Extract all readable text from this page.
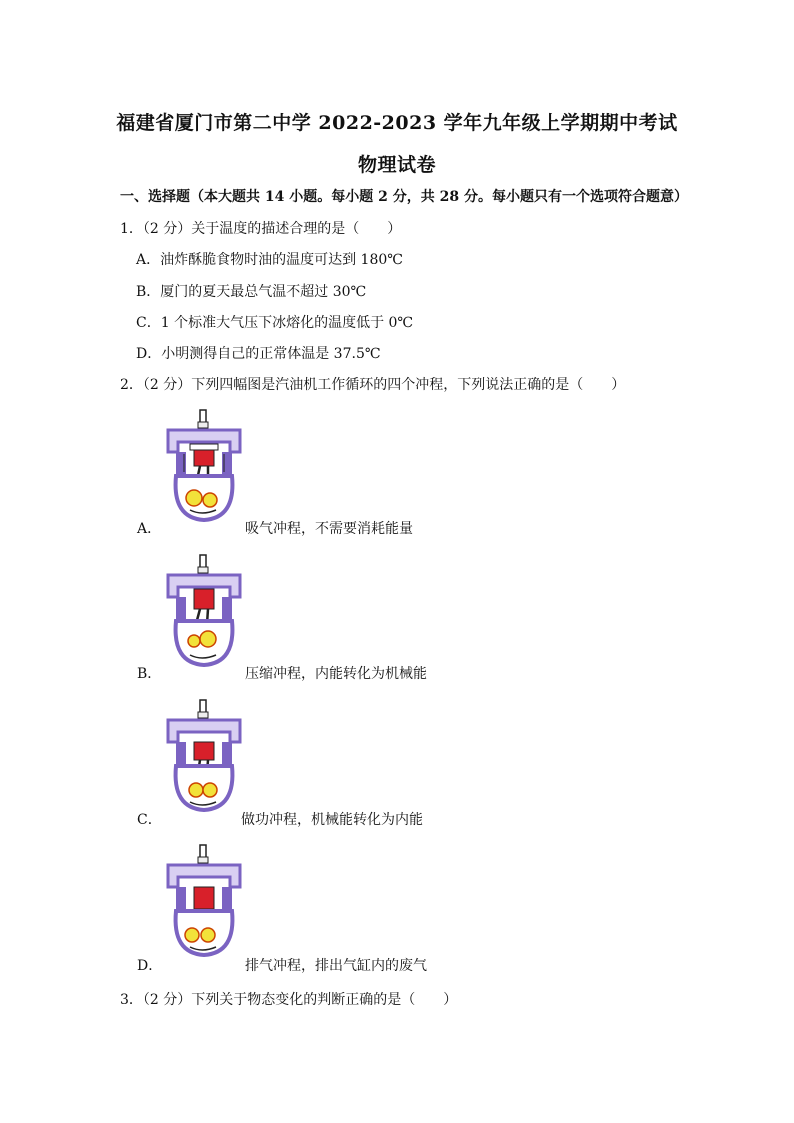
福建省厦门市第二中学 2022-2023 学年九年级上学期期中考试
物理试卷
一、选择题（本大题共 14 小题。每小题 2 分，共 28 分。每小题只有一个选项符合题意）
1．（2 分）关于温度的描述合理的是（　　）
A．油炸酥脆食物时油的温度可达到 180℃
B．厦门的夏天最总气温不超过 30℃
C．1 个标准大气压下冰熔化的温度低于 0℃
D．小明测得自己的正常体温是 37.5℃
2．（2 分）下列四幅图是汽油机工作循环的四个冲程，下列说法正确的是（　　）
A．	吸气冲程，不需要消耗能量
B．	压缩冲程，内能转化为机械能
C．	做功冲程，机械能转化为内能
D．	排气冲程，排出气缸内的废气
3．（2 分）下列关于物态变化的判断正确的是（　　）
